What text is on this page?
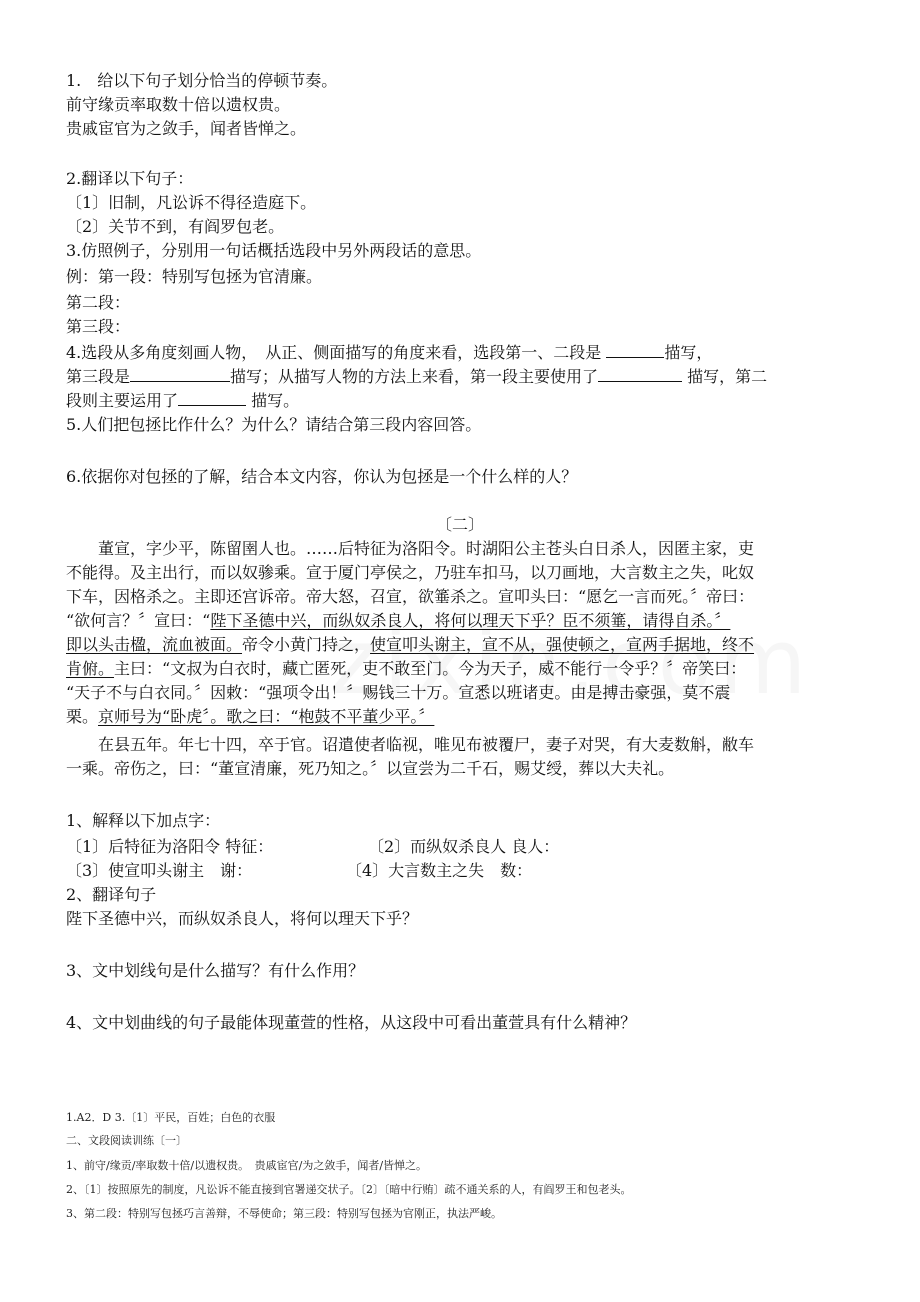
1.　给以下句子划分恰当的停顿节奏。
前守缘贡率取数十倍以遗权贵。
贵戚宦官为之敛手，闻者皆惮之。
2.翻译以下句子：
〔1〕旧制，凡讼诉不得径造庭下。
〔2〕关节不到，有阎罗包老。
3.仿照例子，分别用一句话概括选段中另外两段话的意思。
例：第一段：特别写包拯为官清廉。
第二段：
第三段：
4.选段从多角度刻画人物，　从正、侧面描写的角度来看，选段第一、二段是	描写，
第三段是	描写；从描写人物的方法上来看，第一段主要使用了	描写，第二
段则主要运用了	描写。
5.人们把包拯比作什么？为什么？请结合第三段内容回答。
6.依据你对包拯的了解，结合本文内容，你认为包拯是一个什么样的人？
〔二〕
　　董宣，字少平，陈留圉人也。……后特征为洛阳令。时湖阳公主苍头白日杀人，因匿主家，吏
不能得。及主出行，而以奴骖乘。宣于厦门亭侯之，乃驻车扣马，以刀画地，大言数主之失，叱奴
下车，因格杀之。主即还宫诉帝。帝大怒，召宣，欲箠杀之。宣叩头曰：“愿乞一言而死。〞帝曰：
“欲何言？〞宣曰：“陛下圣德中兴，而纵奴杀良人，将何以理天下乎？臣不须箠，请得自杀。〞
即以头击楹，流血被面。帝令小黄门持之，使宣叩头谢主，宣不从，强使顿之，宣两手据地，终不
肯俯。主曰：“文叔为白衣时，藏亡匿死，吏不敢至门。今为天子，威不能行一令乎？〞帝笑曰：
“天子不与白衣同。〞因敕：“强项令出！〞赐钱三十万。宣悉以班诸吏。由是搏击豪强，莫不震
栗。京师号为“卧虎〞。歌之曰：“枹鼓不平董少平。〞
　　在县五年。年七十四，卒于官。诏遣使者临视，唯见布被覆尸，妻子对哭，有大麦数斛，敝车
一乘。帝伤之，曰：“董宣清廉，死乃知之。〞以宣尝为二千石，赐艾绶，葬以大夫礼。
1、解释以下加点字：
〔1〕后特征为洛阳令 特征：	〔2〕而纵奴杀良人 良人：
〔3〕使宣叩头谢主　谢：	〔4〕大言数主之失　数：
2、翻译句子
陛下圣德中兴，而纵奴杀良人，将何以理天下乎？
3、文中划线句是什么描写？有什么作用？
4、文中划曲线的句子最能体现董萱的性格，从这段中可看出董萱具有什么精神？
1.A2．D 3.〔1〕平民，百姓；白色的衣服
二、文段阅读训练〔一〕
1、前守/缘贡/率取数十倍/以遗权贵。　贵戚宦官/为之敛手，闻者/皆惮之。
2、〔1〕按照原先的制度，凡讼诉不能直接到官署递交状子。〔2〕〔暗中行贿〕疏不通关系的人，有阎罗王和包老头。
3、第二段：特别写包拯巧言善辩，不辱使命；第三段：特别写包拯为官刚正，执法严峻。
